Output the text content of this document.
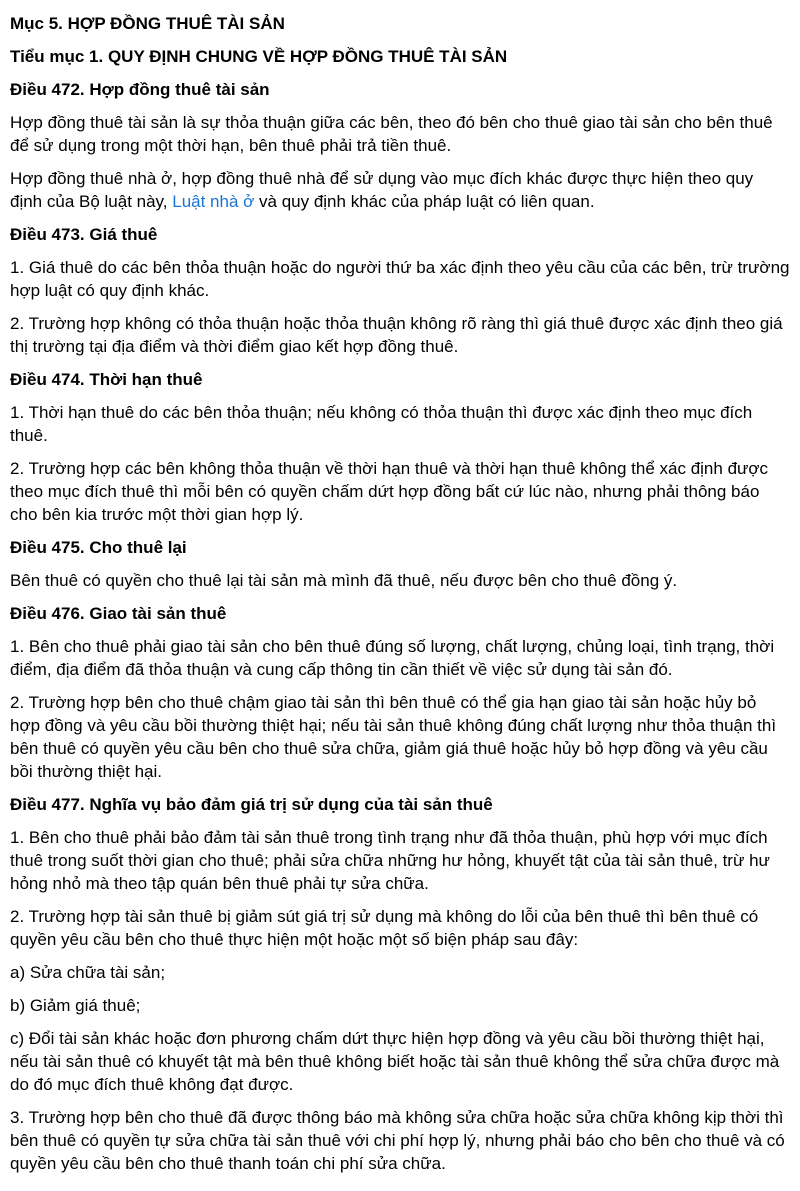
Mục 5. HỢP ĐỒNG THUÊ TÀI SẢN
Tiểu mục 1. QUY ĐỊNH CHUNG VỀ HỢP ĐỒNG THUÊ TÀI SẢN
Điều 472. Hợp đồng thuê tài sản

Hợp đồng thuê tài sản là sự thỏa thuận giữa các bên, theo đó bên cho thuê giao tài sản cho bên thuê để sử dụng trong một thời hạn, bên thuê phải trả tiền thuê.

Hợp đồng thuê nhà ở, hợp đồng thuê nhà để sử dụng vào mục đích khác được thực hiện theo quy định của Bộ luật này, Luật nhà ở và quy định khác của pháp luật có liên quan.

Điều 473. Giá thuê

1. Giá thuê do các bên thỏa thuận hoặc do người thứ ba xác định theo yêu cầu của các bên, trừ trường hợp luật có quy định khác.

2. Trường hợp không có thỏa thuận hoặc thỏa thuận không rõ ràng thì giá thuê được xác định theo giá thị trường tại địa điểm và thời điểm giao kết hợp đồng thuê.

Điều 474. Thời hạn thuê

1. Thời hạn thuê do các bên thỏa thuận; nếu không có thỏa thuận thì được xác định theo mục đích thuê.

2. Trường hợp các bên không thỏa thuận về thời hạn thuê và thời hạn thuê không thể xác định được theo mục đích thuê thì mỗi bên có quyền chấm dứt hợp đồng bất cứ lúc nào, nhưng phải thông báo cho bên kia trước một thời gian hợp lý.

Điều 475. Cho thuê lại

Bên thuê có quyền cho thuê lại tài sản mà mình đã thuê, nếu được bên cho thuê đồng ý.

Điều 476. Giao tài sản thuê

1. Bên cho thuê phải giao tài sản cho bên thuê đúng số lượng, chất lượng, chủng loại, tình trạng, thời điểm, địa điểm đã thỏa thuận và cung cấp thông tin cần thiết về việc sử dụng tài sản đó.

2. Trường hợp bên cho thuê chậm giao tài sản thì bên thuê có thể gia hạn giao tài sản hoặc hủy bỏ hợp đồng và yêu cầu bồi thường thiệt hại; nếu tài sản thuê không đúng chất lượng như thỏa thuận thì bên thuê có quyền yêu cầu bên cho thuê sửa chữa, giảm giá thuê hoặc hủy bỏ hợp đồng và yêu cầu bồi thường thiệt hại.

Điều 477. Nghĩa vụ bảo đảm giá trị sử dụng của tài sản thuê

1. Bên cho thuê phải bảo đảm tài sản thuê trong tình trạng như đã thỏa thuận, phù hợp với mục đích thuê trong suốt thời gian cho thuê; phải sửa chữa những hư hỏng, khuyết tật của tài sản thuê, trừ hư hỏng nhỏ mà theo tập quán bên thuê phải tự sửa chữa.

2. Trường hợp tài sản thuê bị giảm sút giá trị sử dụng mà không do lỗi của bên thuê thì bên thuê có quyền yêu cầu bên cho thuê thực hiện một hoặc một số biện pháp sau đây:

a) Sửa chữa tài sản;

b) Giảm giá thuê;

c) Đổi tài sản khác hoặc đơn phương chấm dứt thực hiện hợp đồng và yêu cầu bồi thường thiệt hại, nếu tài sản thuê có khuyết tật mà bên thuê không biết hoặc tài sản thuê không thể sửa chữa được mà do đó mục đích thuê không đạt được.

3. Trường hợp bên cho thuê đã được thông báo mà không sửa chữa hoặc sửa chữa không kịp thời thì bên thuê có quyền tự sửa chữa tài sản thuê với chi phí hợp lý, nhưng phải báo cho bên cho thuê và có quyền yêu cầu bên cho thuê thanh toán chi phí sửa chữa.
